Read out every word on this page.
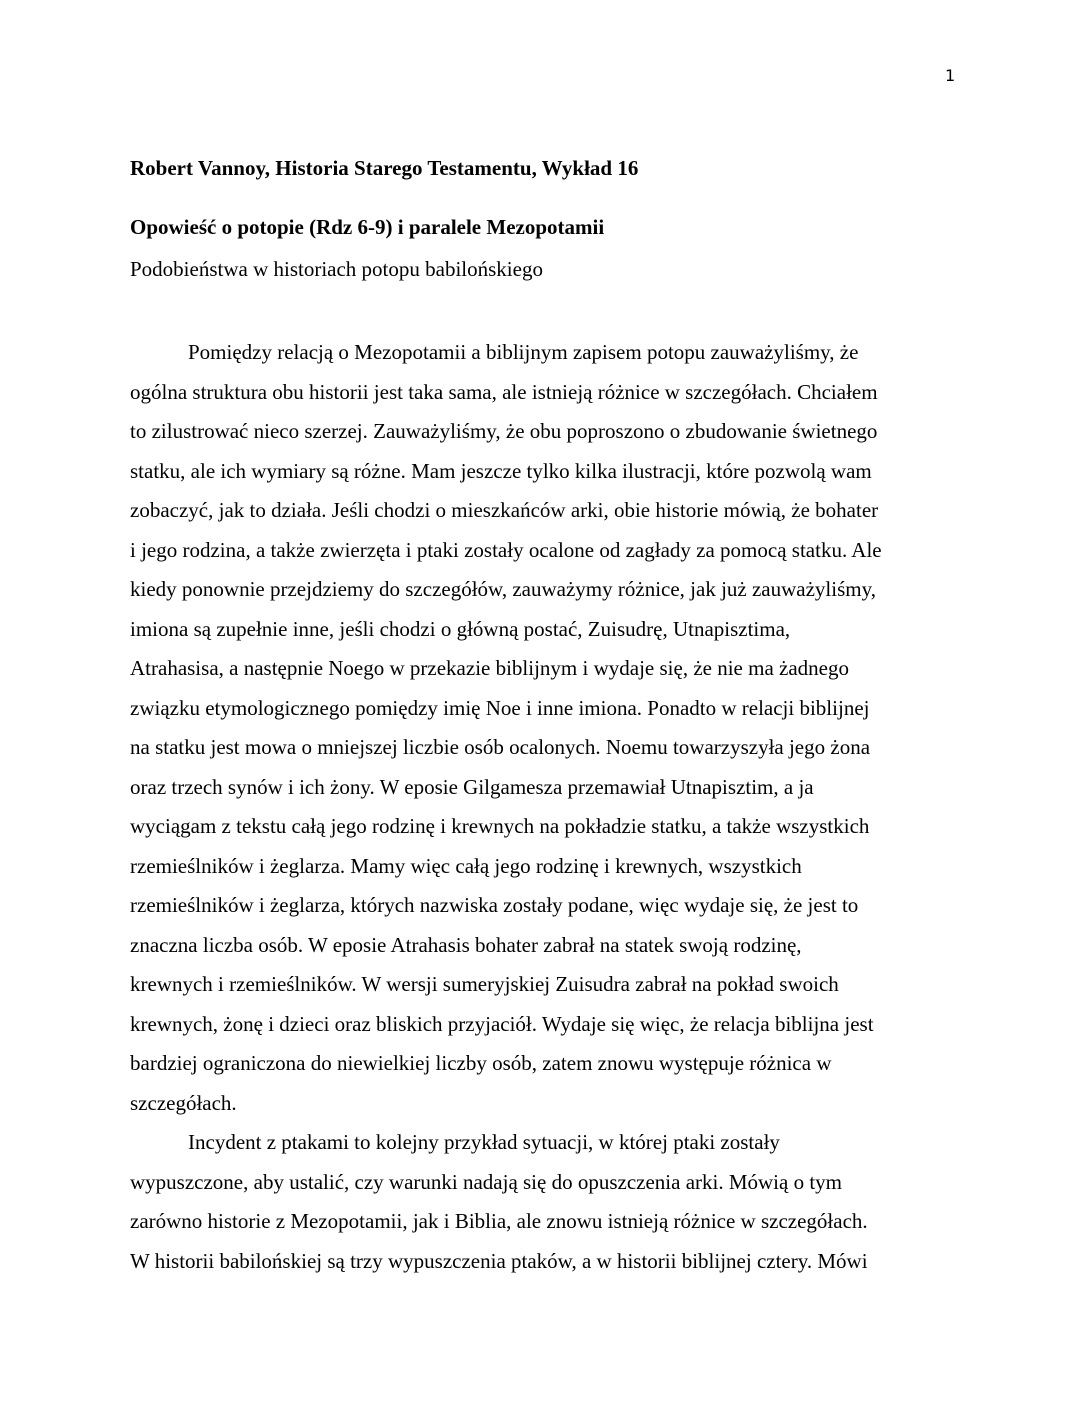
1
Robert Vannoy, Historia Starego Testamentu, Wykład 16
Opowieść o potopie (Rdz 6-9) i paralele Mezopotamii
Podobieństwa w historiach potopu babilońskiego
Pomiędzy relacją o Mezopotamii a biblijnym zapisem potopu zauważyliśmy, że
ogólna struktura obu historii jest taka sama, ale istnieją różnice w szczegółach. Chciałem
to zilustrować nieco szerzej. Zauważyliśmy, że obu poproszono o zbudowanie świetnego
statku, ale ich wymiary są różne. Mam jeszcze tylko kilka ilustracji, które pozwolą wam
zobaczyć, jak to działa. Jeśli chodzi o mieszkańców arki, obie historie mówią, że bohater
i jego rodzina, a także zwierzęta i ptaki zostały ocalone od zagłady za pomocą statku. Ale
kiedy ponownie przejdziemy do szczegółów, zauważymy różnice, jak już zauważyliśmy,
imiona są zupełnie inne, jeśli chodzi o główną postać, Zuisudrę, Utnapisztima,
Atrahasisa, a następnie Noego w przekazie biblijnym i wydaje się, że nie ma żadnego
związku etymologicznego pomiędzy imię Noe i inne imiona. Ponadto w relacji biblijnej
na statku jest mowa o mniejszej liczbie osób ocalonych. Noemu towarzyszyła jego żona
oraz trzech synów i ich żony. W eposie Gilgamesza przemawiał Utnapisztim, a ja
wyciągam z tekstu całą jego rodzinę i krewnych na pokładzie statku, a także wszystkich
rzemieślników i żeglarza. Mamy więc całą jego rodzinę i krewnych, wszystkich
rzemieślników i żeglarza, których nazwiska zostały podane, więc wydaje się, że jest to
znaczna liczba osób. W eposie Atrahasis bohater zabrał na statek swoją rodzinę,
krewnych i rzemieślników. W wersji sumeryjskiej Zuisudra zabrał na pokład swoich
krewnych, żonę i dzieci oraz bliskich przyjaciół. Wydaje się więc, że relacja biblijna jest
bardziej ograniczona do niewielkiej liczby osób, zatem znowu występuje różnica w
szczegółach.
Incydent z ptakami to kolejny przykład sytuacji, w której ptaki zostały
wypuszczone, aby ustalić, czy warunki nadają się do opuszczenia arki. Mówią o tym
zarówno historie z Mezopotamii, jak i Biblia, ale znowu istnieją różnice w szczegółach.
W historii babilońskiej są trzy wypuszczenia ptaków, a w historii biblijnej cztery. Mówi
